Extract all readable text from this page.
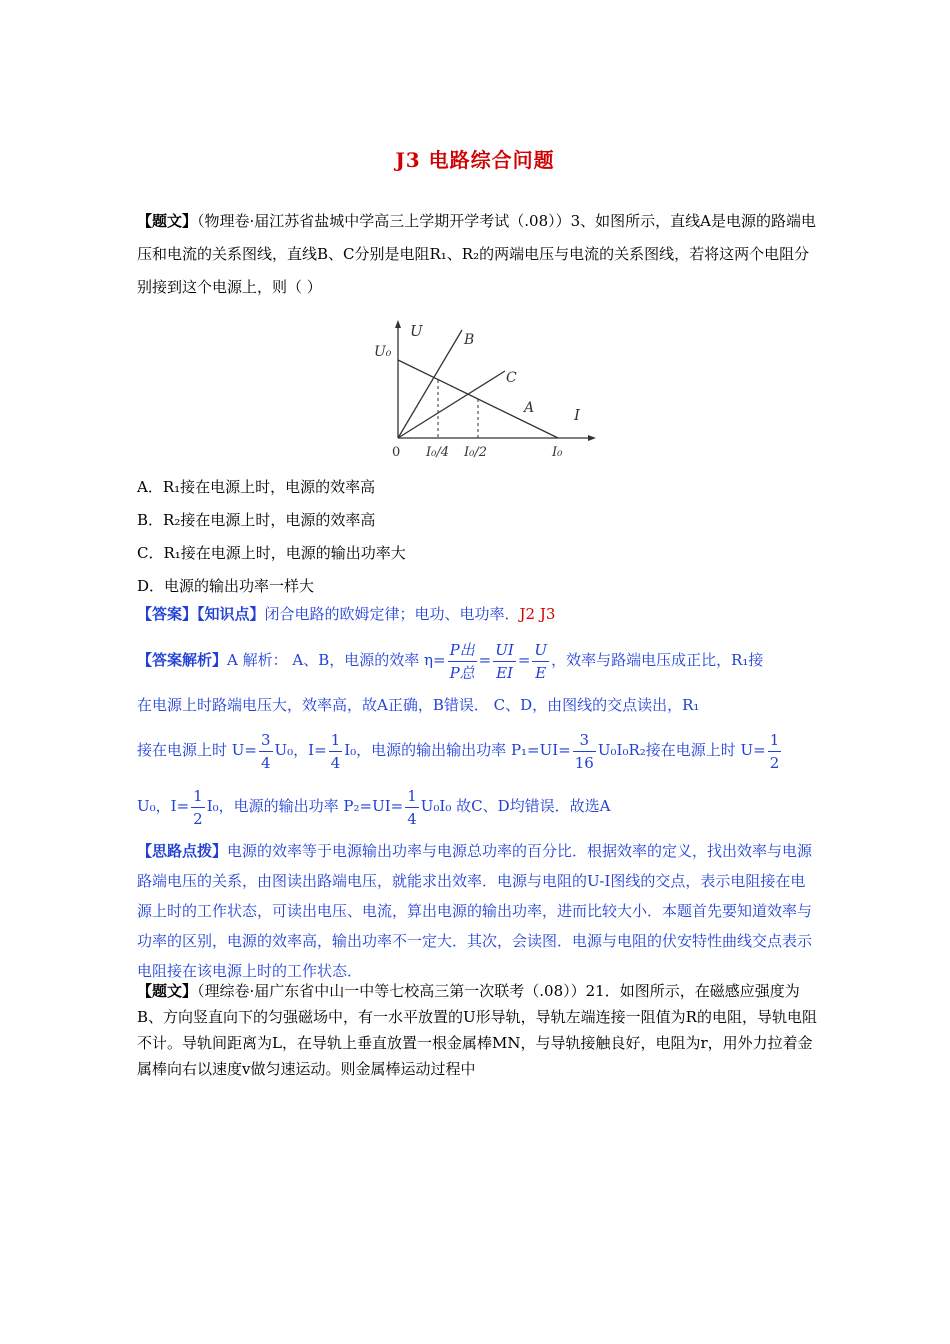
J3 电路综合问题
【题文】（物理卷·届江苏省盐城中学高三上学期开学考试（.08））3、如图所示，直线A是电源的路端电压和电流的关系图线，直线B、C分别是电阻R₁、R₂的两端电压与电流的关系图线，若将这两个电阻分别接到这个电源上，则（ ）
U
U₀
B
C
A	I
0 I₀/4 I₀/2	I₀
A．R₁接在电源上时，电源的效率高
B．R₂接在电源上时，电源的效率高
C．R₁接在电源上时，电源的输出功率大
D．电源的输出功率一样大
【答案】【知识点】闭合电路的欧姆定律；电功、电功率．J2 J3
【答案解析】A 解析： A、B，电源的效率 $\eta= \frac{\text{P出}}{\text{P总}} = \frac{UI}{EI} = \frac{U}{E}$ ，效率与路端电压成正比，R₁接
在电源上时路端电压大，效率高，故A正确，B错误． C、D，由图线的交点读出，R₁
接在电源上时 $U= \frac{3}{4} U_0$，$I= \frac{1}{4} I_0$，电源的输出输出功率 $P_1=UI= \frac{3}{16} U_0I_0R_2$接在电源上时 $U= \frac{1}{2}$
U₀，$I= \frac{1}{2} I_0$，电源的输出功率 $P_2=UI= \frac{1}{4} U_0I_0$ 故C、D均错误．故选A
【思路点拨】电源的效率等于电源输出功率与电源总功率的百分比．根据效率的定义，找出效率与电源路端电压的关系，由图读出路端电压，就能求出效率．电源与电阻的U-I图线的交点，表示电阻接在电源上时的工作状态，可读出电压、电流，算出电源的输出功率，进而比较大小．本题首先要知道效率与功率的区别，电源的效率高，输出功率不一定大．其次，会读图．电源与电阻的伏安特性曲线交点表示电阻接在该电源上时的工作状态．
【题文】（理综卷·届广东省中山一中等七校高三第一次联考（.08））21．如图所示，在磁感应强度为B、方向竖直向下的匀强磁场中，有一水平放置的U形导轨，导轨左端连接一阻值为R的电阻，导轨电阻不计。导轨间距离为L，在导轨上垂直放置一根金属棒MN，与导轨接触良好，电阻为r，用外力拉着金属棒向右以速度v做匀速运动。则金属棒运动过程中
